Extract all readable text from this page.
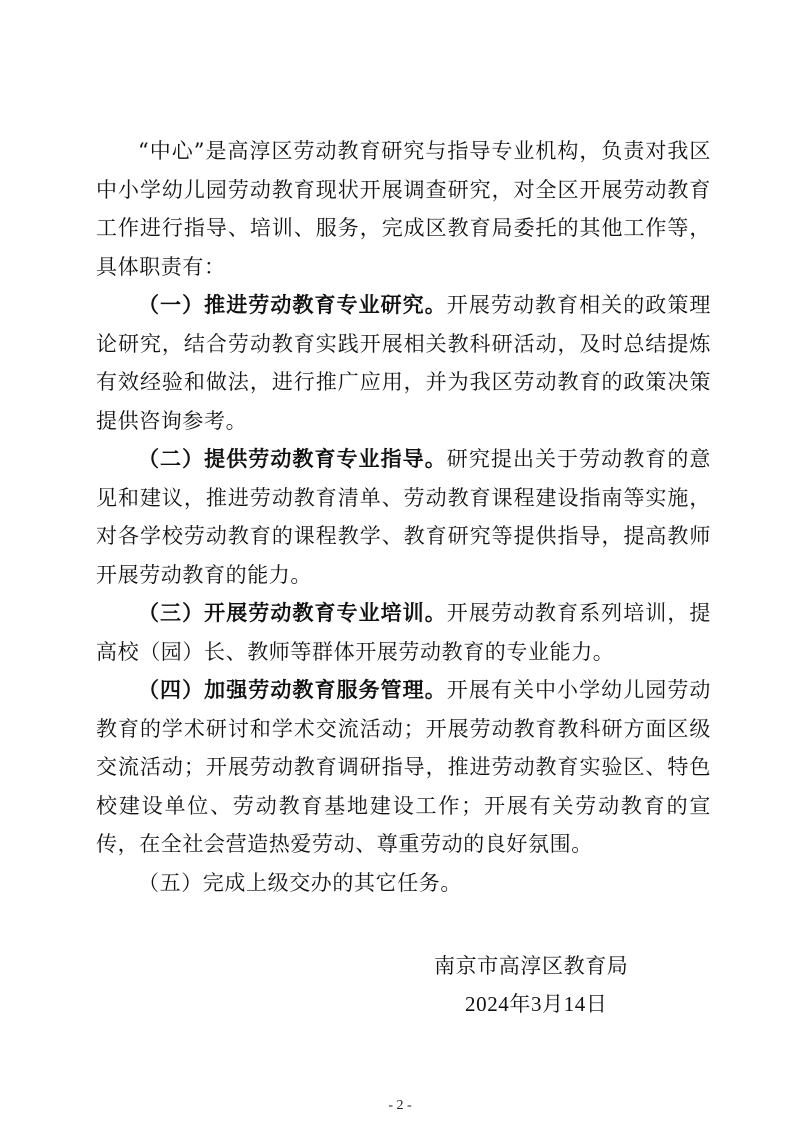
“中心”是高淳区劳动教育研究与指导专业机构，负责对我区中小学幼儿园劳动教育现状开展调查研究，对全区开展劳动教育工作进行指导、培训、服务，完成区教育局委托的其他工作等，具体职责有：

（一）推进劳动教育专业研究。开展劳动教育相关的政策理论研究，结合劳动教育实践开展相关教科研活动，及时总结提炼有效经验和做法，进行推广应用，并为我区劳动教育的政策决策提供咨询参考。

（二）提供劳动教育专业指导。研究提出关于劳动教育的意见和建议，推进劳动教育清单、劳动教育课程建设指南等实施，对各学校劳动教育的课程教学、教育研究等提供指导，提高教师开展劳动教育的能力。

（三）开展劳动教育专业培训。开展劳动教育系列培训，提高校（园）长、教师等群体开展劳动教育的专业能力。

（四）加强劳动教育服务管理。开展有关中小学幼儿园劳动教育的学术研讨和学术交流活动；开展劳动教育教科研方面区级交流活动；开展劳动教育调研指导，推进劳动教育实验区、特色校建设单位、劳动教育基地建设工作；开展有关劳动教育的宣传，在全社会营造热爱劳动、尊重劳动的良好氛围。

（五）完成上级交办的其它任务。

南京市高淳区教育局
2024年3月14日
- 2 -
